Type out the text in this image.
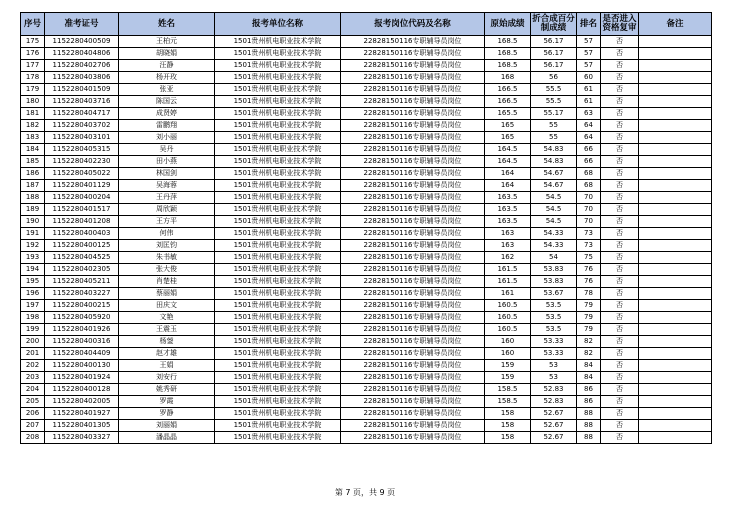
序号	准考证号	姓名	报考单位名称	报考岗位代码及名称	原始成绩	折合成百分制成绩	排名	是否进入资格复审	备注
175	1152280400509	王柏元	1501贵州机电职业技术学院	22828150116专职辅导员岗位	168.5	56.17	57	否	
176	1152280404806	胡晓娟	1501贵州机电职业技术学院	22828150116专职辅导员岗位	168.5	56.17	57	否	
177	1152280402706	汪静	1501贵州机电职业技术学院	22828150116专职辅导员岗位	168.5	56.17	57	否	
178	1152280403806	杨开玫	1501贵州机电职业技术学院	22828150116专职辅导员岗位	168	56	60	否	
179	1152280401509	张亚	1501贵州机电职业技术学院	22828150116专职辅导员岗位	166.5	55.5	61	否	
180	1152280403716	陈国云	1501贵州机电职业技术学院	22828150116专职辅导员岗位	166.5	55.5	61	否	
181	1152280404717	成贤婷	1501贵州机电职业技术学院	22828150116专职辅导员岗位	165.5	55.17	63	否	
182	1152280403702	雷鹏翔	1501贵州机电职业技术学院	22828150116专职辅导员岗位	165	55	64	否	
183	1152280403101	刘小丽	1501贵州机电职业技术学院	22828150116专职辅导员岗位	165	55	64	否	
184	1152280405315	吴丹	1501贵州机电职业技术学院	22828150116专职辅导员岗位	164.5	54.83	66	否	
185	1152280402230	田小燕	1501贵州机电职业技术学院	22828150116专职辅导员岗位	164.5	54.83	66	否	
186	1152280405022	林国剑	1501贵州机电职业技术学院	22828150116专职辅导员岗位	164	54.67	68	否	
187	1152280401129	吴海蓉	1501贵州机电职业技术学院	22828150116专职辅导员岗位	164	54.67	68	否	
188	1152280400204	王丹萍	1501贵州机电职业技术学院	22828150116专职辅导员岗位	163.5	54.5	70	否	
189	1152280401517	周欣颖	1501贵州机电职业技术学院	22828150116专职辅导员岗位	163.5	54.5	70	否	
190	1152280401208	王方平	1501贵州机电职业技术学院	22828150116专职辅导员岗位	163.5	54.5	70	否	
191	1152280400403	何伟	1501贵州机电职业技术学院	22828150116专职辅导员岗位	163	54.33	73	否	
192	1152280400125	刘匡钧	1501贵州机电职业技术学院	22828150116专职辅导员岗位	163	54.33	73	否	
193	1152280404525	朱书敏	1501贵州机电职业技术学院	22828150116专职辅导员岗位	162	54	75	否	
194	1152280402305	张大俊	1501贵州机电职业技术学院	22828150116专职辅导员岗位	161.5	53.83	76	否	
195	1152280405211	肖楚桂	1501贵州机电职业技术学院	22828150116专职辅导员岗位	161.5	53.83	76	否	
196	1152280403227	蔡丽娟	1501贵州机电职业技术学院	22828150116专职辅导员岗位	161	53.67	78	否	
197	1152280400215	田庆文	1501贵州机电职业技术学院	22828150116专职辅导员岗位	160.5	53.5	79	否	
198	1152280405920	文艳	1501贵州机电职业技术学院	22828150116专职辅导员岗位	160.5	53.5	79	否	
199	1152280401926	王震玉	1501贵州机电职业技术学院	22828150116专职辅导员岗位	160.5	53.5	79	否	
200	1152280400316	杨蓥	1501贵州机电职业技术学院	22828150116专职辅导员岗位	160	53.33	82	否	
201	1152280404409	赵才雄	1501贵州机电职业技术学院	22828150116专职辅导员岗位	160	53.33	82	否	
202	1152280400130	王娟	1501贵州机电职业技术学院	22828150116专职辅导员岗位	159	53	84	否	
203	1152280401924	刘安行	1501贵州机电职业技术学院	22828150116专职辅导员岗位	159	53	84	否	
204	1152280400128	姚秀研	1501贵州机电职业技术学院	22828150116专职辅导员岗位	158.5	52.83	86	否	
205	1152280402005	罗霞	1501贵州机电职业技术学院	22828150116专职辅导员岗位	158.5	52.83	86	否	
206	1152280401927	罗静	1501贵州机电职业技术学院	22828150116专职辅导员岗位	158	52.67	88	否	
207	1152280401305	刘丽娟	1501贵州机电职业技术学院	22828150116专职辅导员岗位	158	52.67	88	否	
208	1152280403327	潘晶晶	1501贵州机电职业技术学院	22828150116专职辅导员岗位	158	52.67	88	否	
第 7 页，共 9 页
